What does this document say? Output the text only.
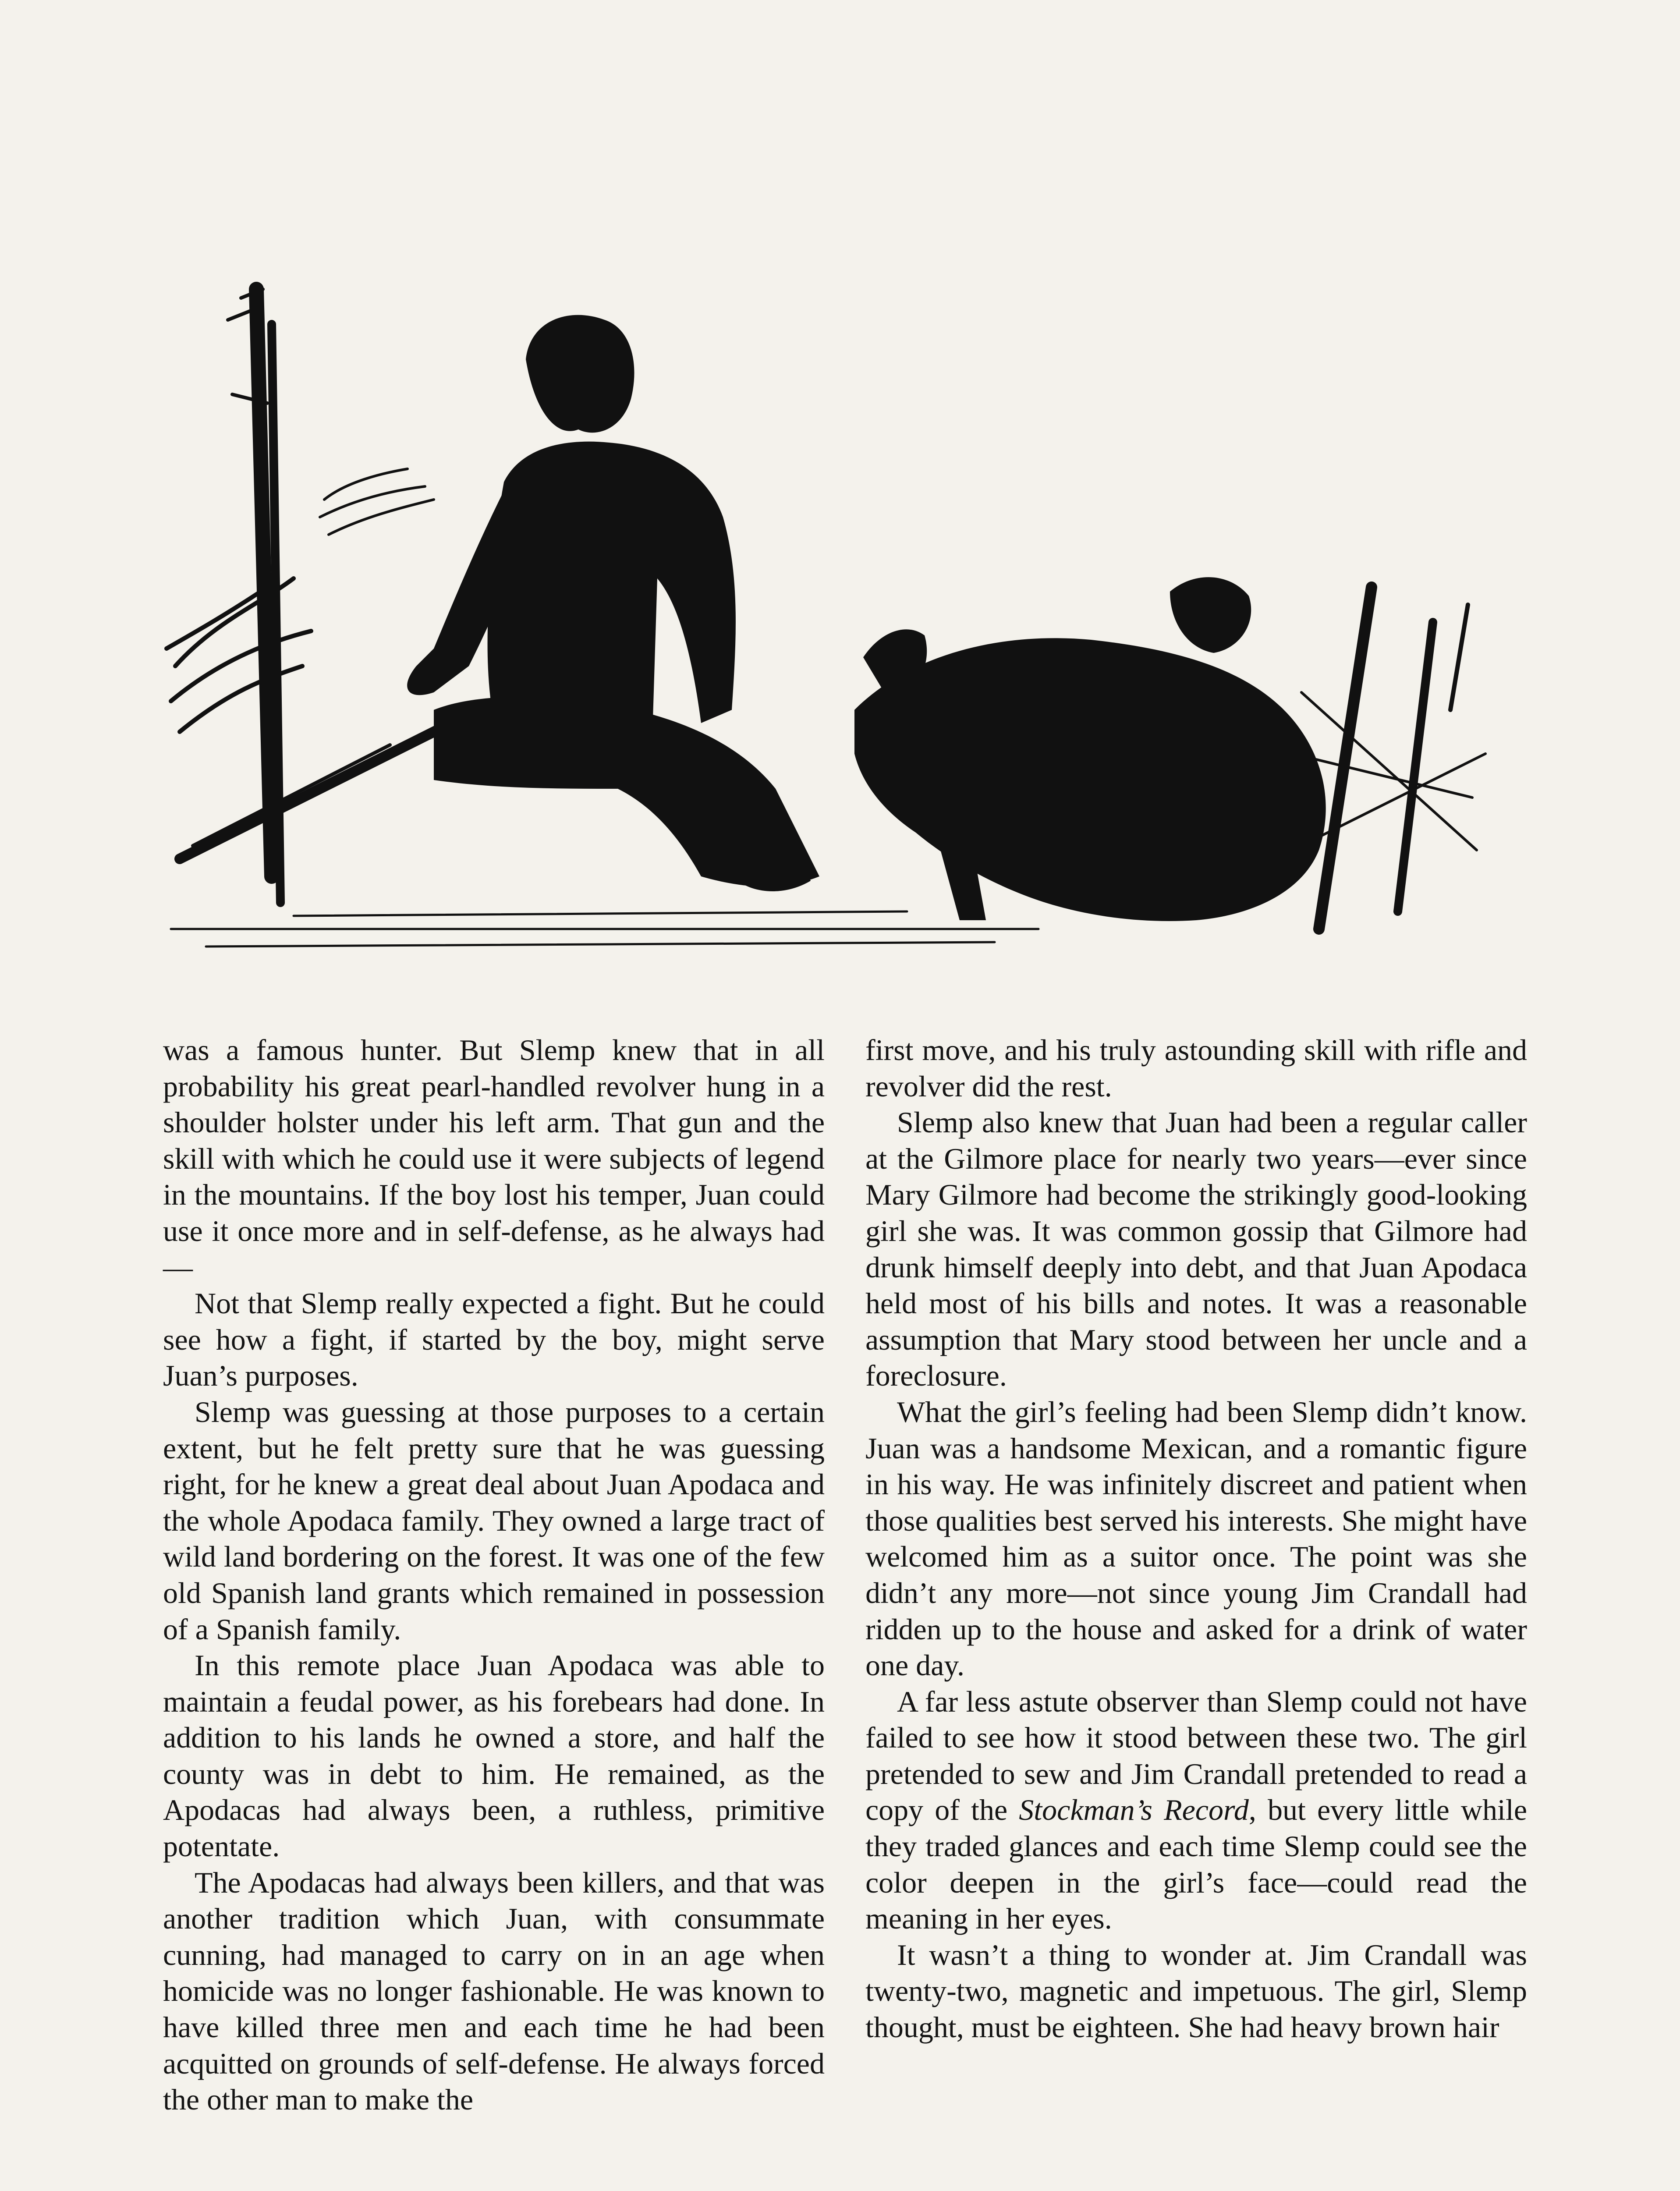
was a famous hunter. But Slemp knew that in all probability his great pearl-handled revolver hung in a shoulder holster under his left arm. That gun and the skill with which he could use it were subjects of legend in the mountains. If the boy lost his temper, Juan could use it once more and in self-defense, as he always had—

Not that Slemp really expected a fight. But he could see how a fight, if started by the boy, might serve Juan’s purposes.

Slemp was guessing at those purposes to a certain extent, but he felt pretty sure that he was guessing right, for he knew a great deal about Juan Apodaca and the whole Apodaca family. They owned a large tract of wild land bordering on the forest. It was one of the few old Spanish land grants which remained in possession of a Spanish family.

In this remote place Juan Apodaca was able to maintain a feudal power, as his forebears had done. In addition to his lands he owned a store, and half the county was in debt to him. He remained, as the Apodacas had always been, a ruthless, primitive potentate.

The Apodacas had always been killers, and that was another tradition which Juan, with consummate cunning, had managed to carry on in an age when homicide was no longer fashionable. He was known to have killed three men and each time he had been acquitted on grounds of self-defense. He always forced the other man to make the

first move, and his truly astounding skill with rifle and revolver did the rest.

Slemp also knew that Juan had been a regular caller at the Gilmore place for nearly two years—ever since Mary Gilmore had become the strikingly good-looking girl she was. It was common gossip that Gilmore had drunk himself deeply into debt, and that Juan Apodaca held most of his bills and notes. It was a reasonable assumption that Mary stood between her uncle and a foreclosure.

What the girl’s feeling had been Slemp didn’t know. Juan was a handsome Mexican, and a romantic figure in his way. He was infinitely discreet and patient when those qualities best served his interests. She might have welcomed him as a suitor once. The point was she didn’t any more—not since young Jim Crandall had ridden up to the house and asked for a drink of water one day.

A far less astute observer than Slemp could not have failed to see how it stood between these two. The girl pretended to sew and Jim Crandall pretended to read a copy of the Stockman’s Record, but every little while they traded glances and each time Slemp could see the color deepen in the girl’s face—could read the meaning in her eyes.

It wasn’t a thing to wonder at. Jim Crandall was twenty-two, magnetic and impetuous. The girl, Slemp thought, must be eighteen. She had heavy brown hair
